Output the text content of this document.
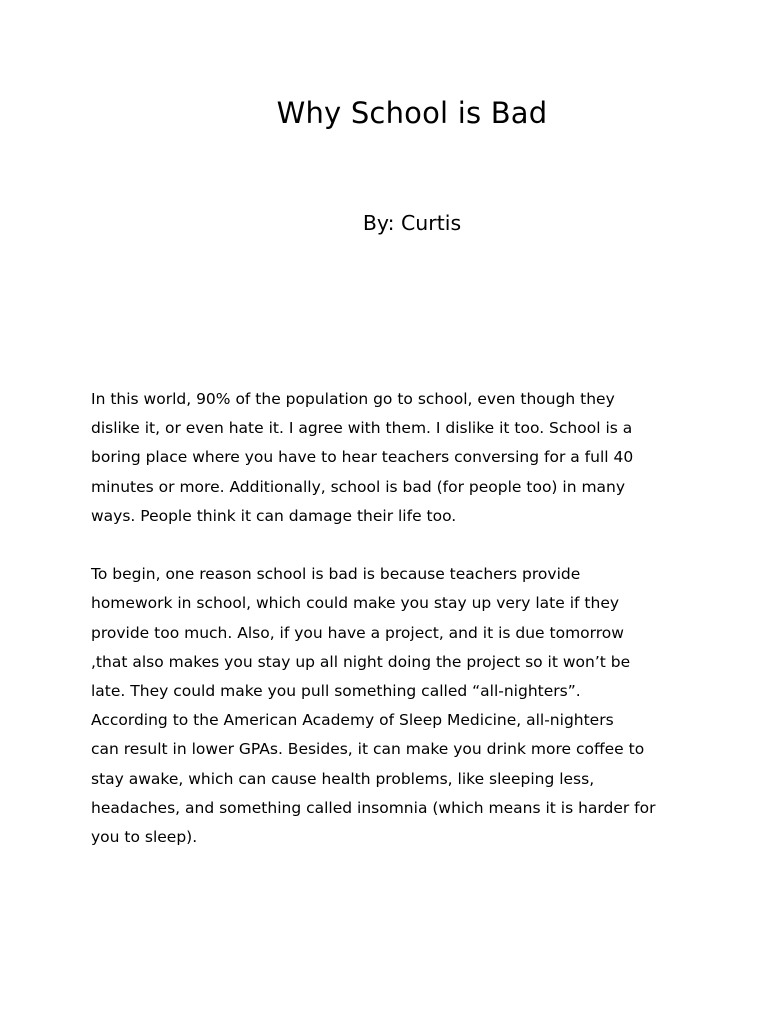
Why School is Bad

By: Curtis

In this world, 90% of the population go to school, even though they
dislike it, or even hate it. I agree with them. I dislike it too. School is a
boring place where you have to hear teachers conversing for a full 40
minutes or more. Additionally, school is bad (for people too) in many
ways. People think it can damage their life too.

To begin, one reason school is bad is because teachers provide
homework in school, which could make you stay up very late if they
provide too much. Also, if you have a project, and it is due tomorrow
,that also makes you stay up all night doing the project so it won’t be
late. They could make you pull something called “all-nighters”.
According to the American Academy of Sleep Medicine, all-nighters
can result in lower GPAs. Besides, it can make you drink more coffee to
stay awake, which can cause health problems, like sleeping less,
headaches, and something called insomnia (which means it is harder for
you to sleep).
